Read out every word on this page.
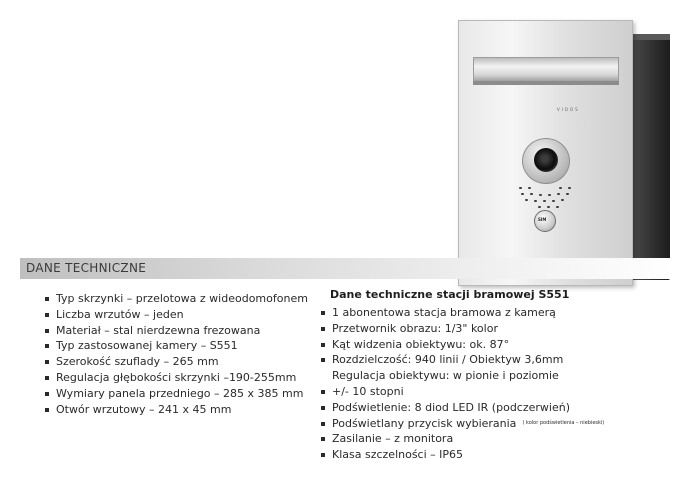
VIDOS
SIM
DANE TECHNICZNE
Typ skrzynki – przelotowa z wideodomofonem
Liczba wrzutów – jeden
Materiał – stal nierdzewna frezowana
Typ zastosowanej kamery – S551
Szerokość szuflady – 265 mm
Regulacja głębokości skrzynki –190-255mm
Wymiary panela przedniego – 285 x 385 mm
Otwór wrzutowy – 241 x 45 mm
Dane techniczne stacji bramowej S551
1 abonentowa stacja bramowa z kamerą
Przetwornik obrazu: 1/3" kolor
Kąt widzenia obiektywu: ok. 87°
Rozdzielczość: 940 linii / Obiektyw 3,6mm
Regulacja obiektywu: w pionie i poziomie
+/- 10 stopni
Podświetlenie: 8 diod LED IR (podczerwień)
Podświetlany przycisk wybierania ( kolor podświetlenia – niebieski)
Zasilanie – z monitora
Klasa szczelności – IP65
